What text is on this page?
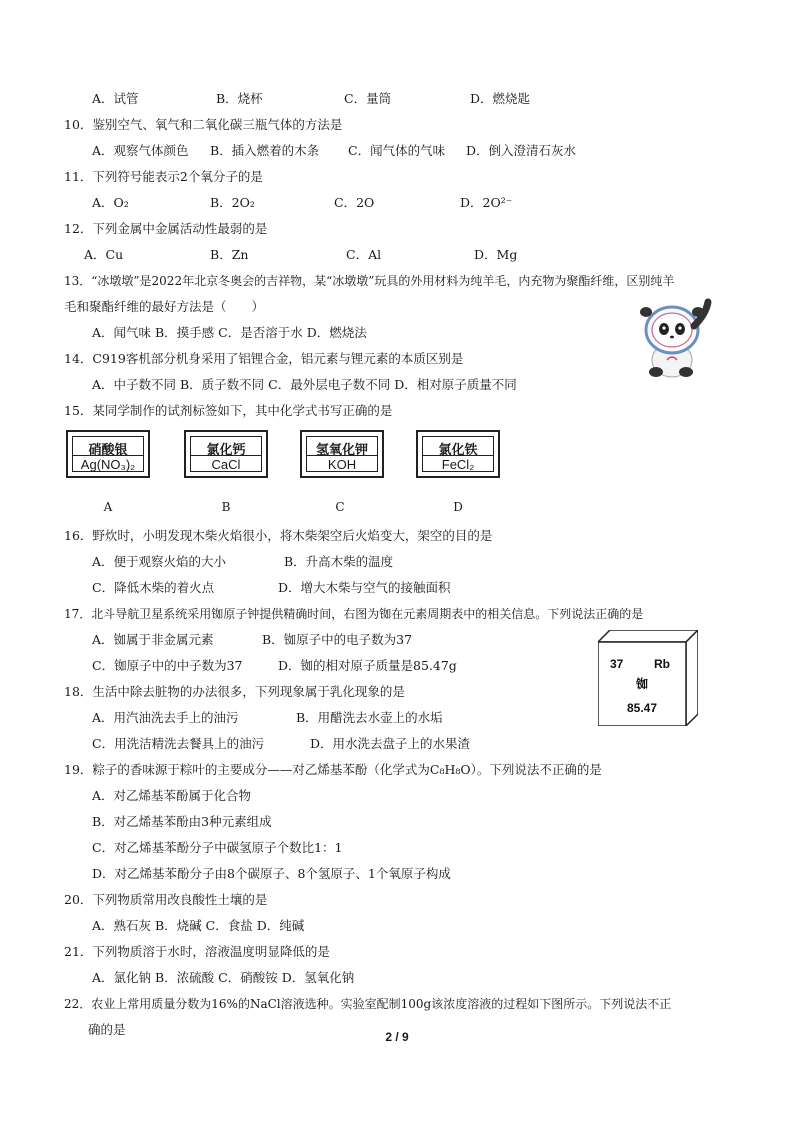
A．试管	B．烧杯	C．量筒	D．燃烧匙
10．鉴别空气、氧气和二氧化碳三瓶气体的方法是
A．观察气体颜色 B．插入燃着的木条 C．闻气体的气味 D．倒入澄清石灰水
11．下列符号能表示2个氧分子的是
A．O₂	B．2O₂	C．2O	D．2O²⁻
12．下列金属中金属活动性最弱的是
A．Cu	B．Zn	C．Al	D．Mg
13．“冰墩墩”是2022年北京冬奥会的吉祥物，某“冰墩墩”玩具的外用材料为纯羊毛，内充物为聚酯纤维，区别纯羊
毛和聚酯纤维的最好方法是（　　）
A．闻气味 B．摸手感 C．是否溶于水 D．燃烧法
14．C919客机部分机身采用了铝锂合金，铝元素与锂元素的本质区别是
A．中子数不同 B．质子数不同 C．最外层电子数不同 D．相对原子质量不同
15．某同学制作的试剂标签如下，其中化学式书写正确的是
硝酸银
Ag(NO₃)₂
氯化钙
CaCl
氢氧化钾
KOH
氯化铁
FeCl₂
A	B	C	D
16．野炊时，小明发现木柴火焰很小，将木柴架空后火焰变大，架空的目的是
A．便于观察火焰的大小	B．升高木柴的温度
C．降低木柴的着火点	D．增大木柴与空气的接触面积
17．北斗导航卫星系统采用铷原子钟提供精确时间，右图为铷在元素周期表中的相关信息。下列说法正确的是
A．铷属于非金属元素	B．铷原子中的电子数为37
C．铷原子中的中子数为37	D．铷的相对原子质量是85.47g	37	Rb
铷
85.47
18．生活中除去脏物的办法很多，下列现象属于乳化现象的是
A．用汽油洗去手上的油污	B．用醋洗去水壶上的水垢
C．用洗洁精洗去餐具上的油污	D．用水洗去盘子上的水果渣
19．粽子的香味源于粽叶的主要成分——对乙烯基苯酚（化学式为C₈H₈O）。下列说法不正确的是
A．对乙烯基苯酚属于化合物
B．对乙烯基苯酚由3种元素组成
C．对乙烯基苯酚分子中碳氢原子个数比1：1
D．对乙烯基苯酚分子由8个碳原子、8个氢原子、1个氧原子构成
20．下列物质常用改良酸性土壤的是
A．熟石灰 B．烧碱 C．食盐 D．纯碱
21．下列物质溶于水时，溶液温度明显降低的是
A．氯化钠 B．浓硫酸 C．硝酸铵 D．氢氧化钠
22．农业上常用质量分数为16%的NaCl溶液选种。实验室配制100g该浓度溶液的过程如下图所示。下列说法不正
确的是	2 / 9
